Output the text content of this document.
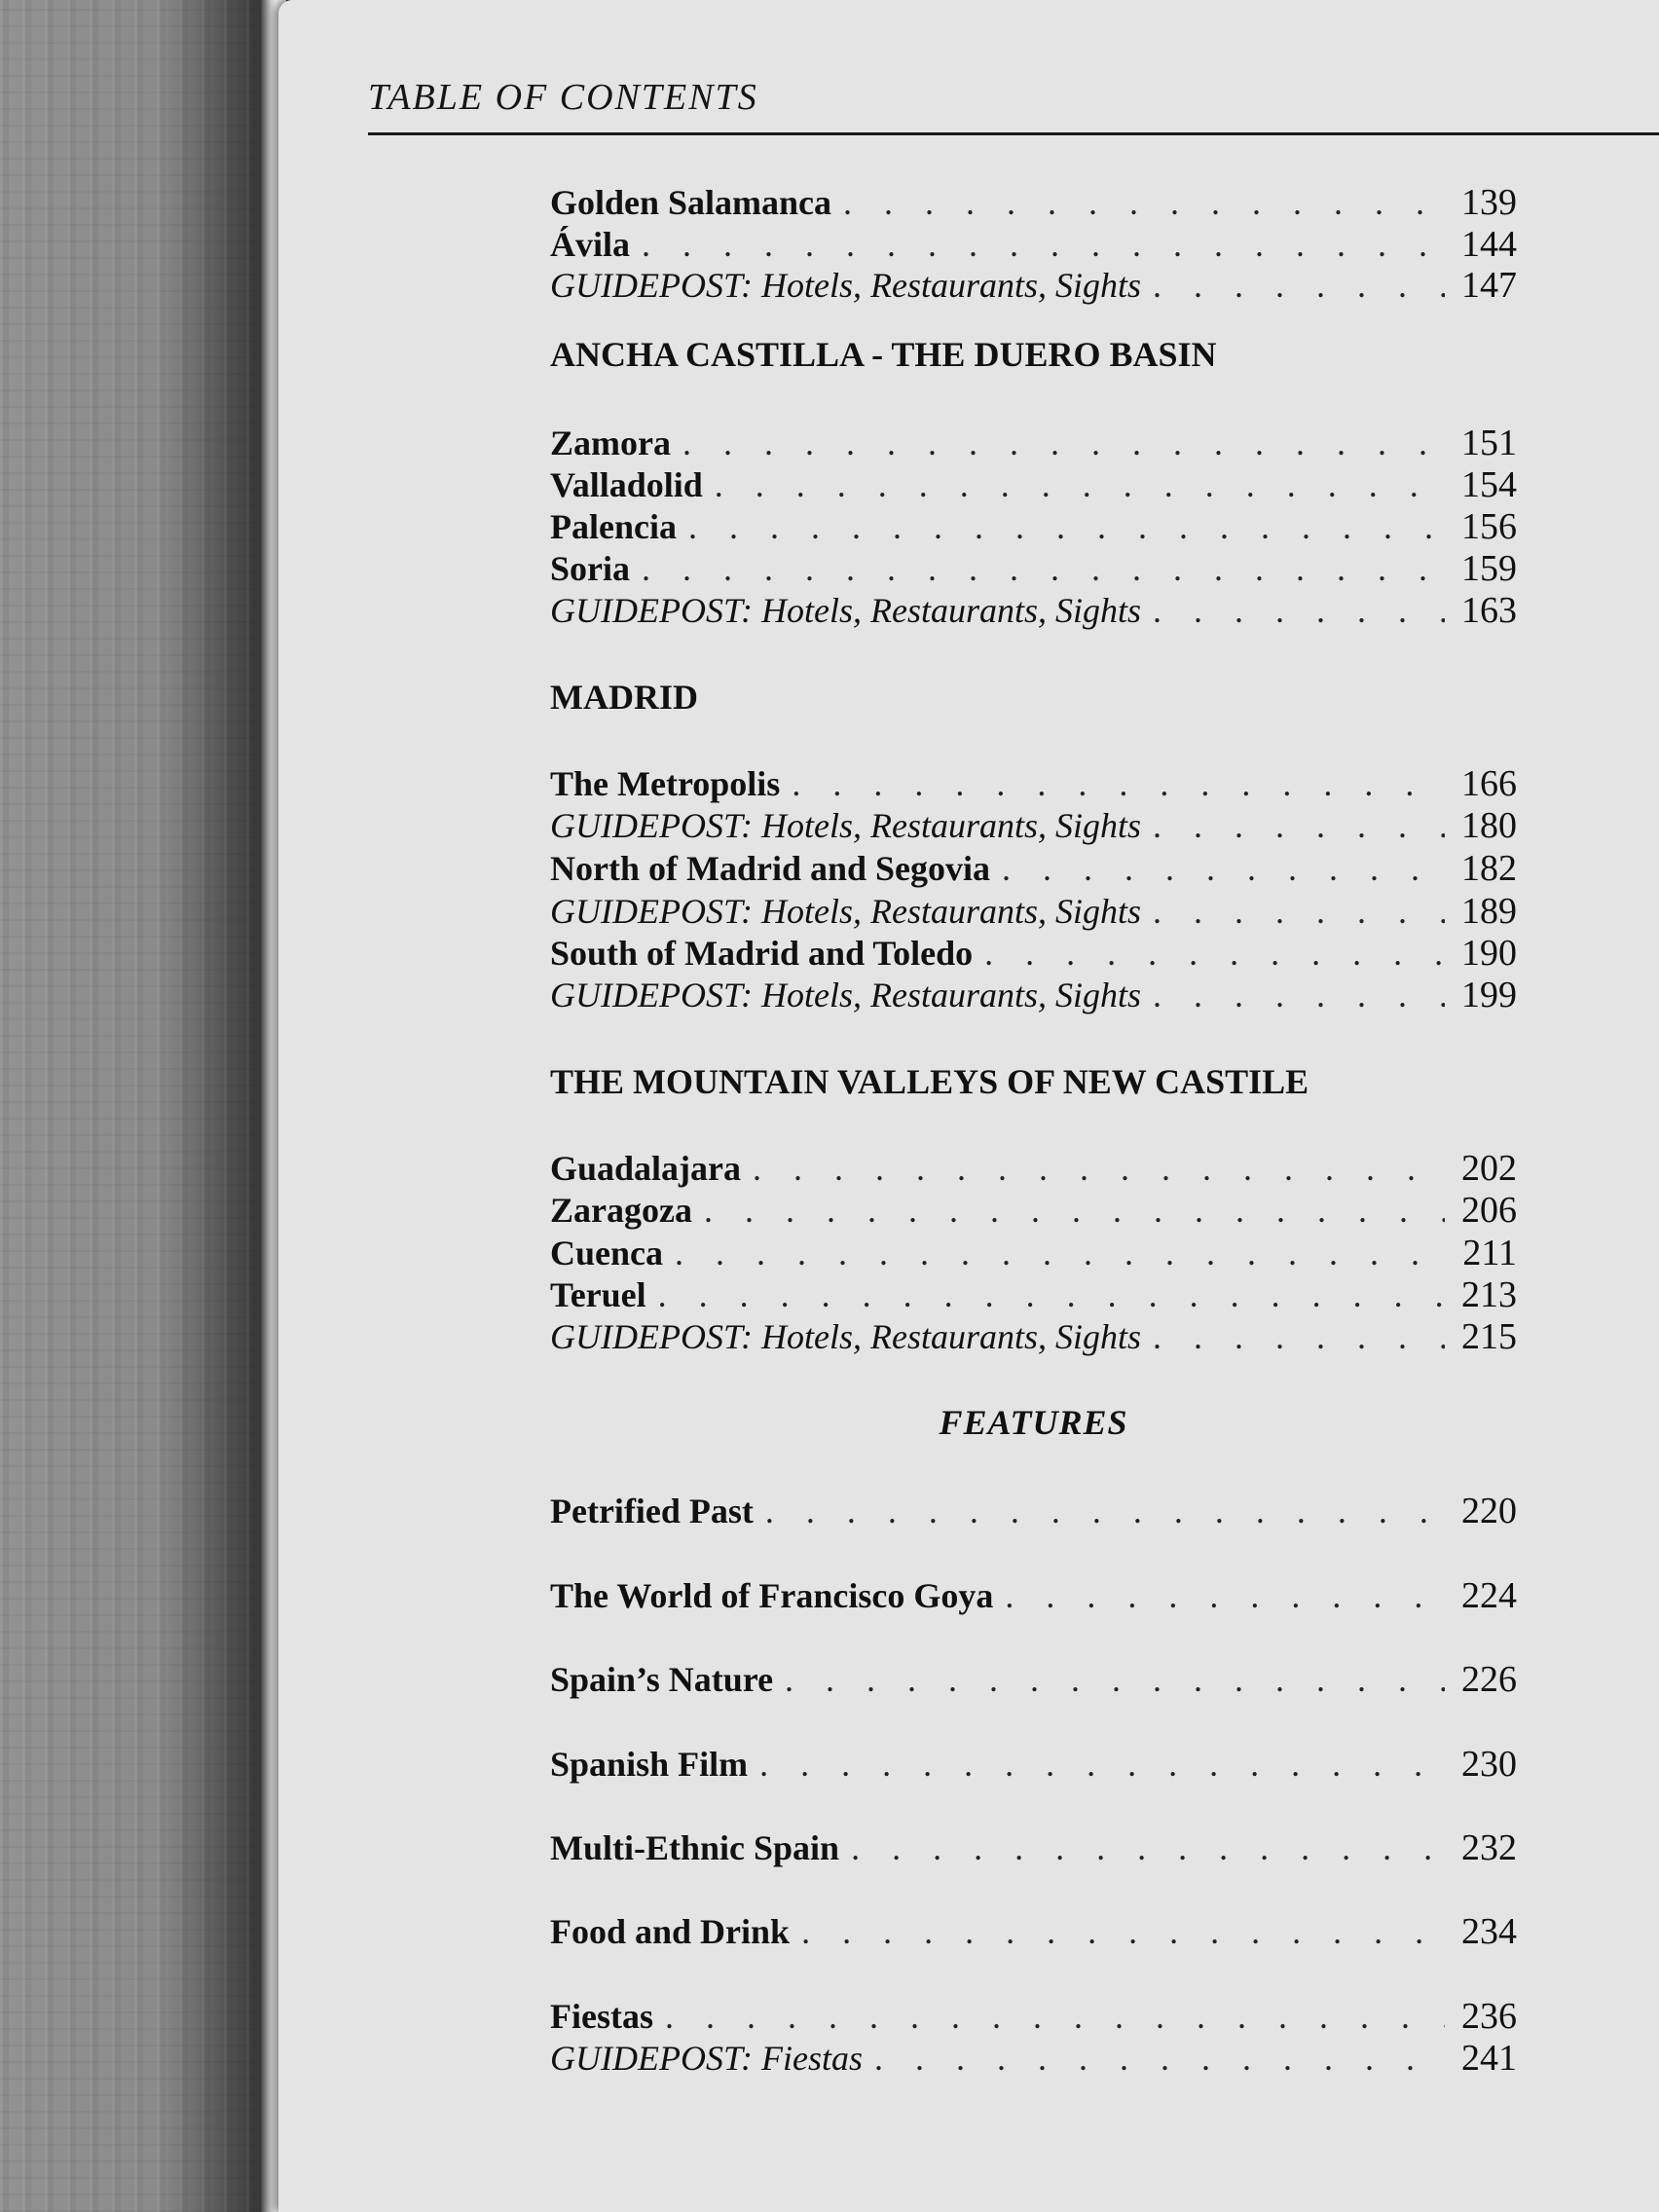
TABLE OF CONTENTS
Golden Salamanca . . .	139
Ávila . . .	144
GUIDEPOST: Hotels, Restaurants, Sights . . .	147
ANCHA CASTILLA - THE DUERO BASIN
Zamora . . .	151
Valladolid . . .	154
Palencia . . .	156
Soria . . .	159
GUIDEPOST: Hotels, Restaurants, Sights . . .	163
MADRID
The Metropolis . . .	166
GUIDEPOST: Hotels, Restaurants, Sights . . .	180
North of Madrid and Segovia . . .	182
GUIDEPOST: Hotels, Restaurants, Sights . . .	189
South of Madrid and Toledo . . .	190
GUIDEPOST: Hotels, Restaurants, Sights . . .	199
THE MOUNTAIN VALLEYS OF NEW CASTILE
Guadalajara . . .	202
Zaragoza . . .	206
Cuenca . . .	211
Teruel . . .	213
GUIDEPOST: Hotels, Restaurants, Sights . . .	215
FEATURES
Petrified Past . . .	220
The World of Francisco Goya . . .	224
Spain’s Nature . . .	226
Spanish Film . . .	230
Multi-Ethnic Spain . . .	232
Food and Drink . . .	234
Fiestas . . .	236
GUIDEPOST: Fiestas . . .	241
